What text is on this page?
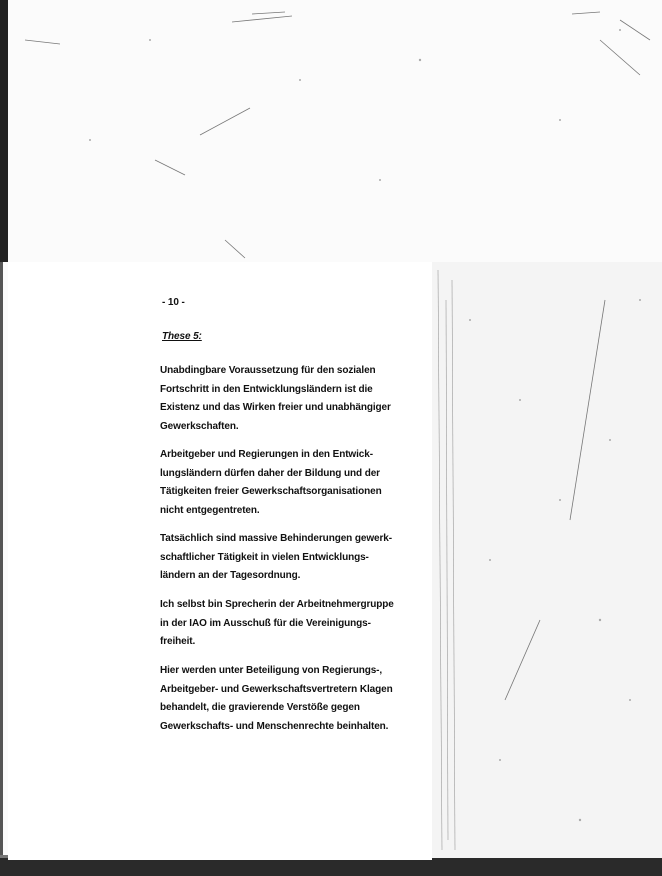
- 10 -
These 5:
Unabdingbare Voraussetzung für den sozialen
Fortschritt in den Entwicklungsländern ist die
Existenz und das Wirken freier und unabhängiger
Gewerkschaften.
Arbeitgeber und Regierungen in den Entwick-
lungsländern dürfen daher der Bildung und der
Tätigkeiten freier Gewerkschaftsorganisationen
nicht entgegentreten.
Tatsächlich sind massive Behinderungen gewerk-
schaftlicher Tätigkeit in vielen Entwicklungs-
ländern an der Tagesordnung.
Ich selbst bin Sprecherin der Arbeitnehmergruppe
in der IAO im Ausschuß für die Vereinigungs-
freiheit.
Hier werden unter Beteiligung von Regierungs-,
Arbeitgeber- und Gewerkschaftsvertretern Klagen
behandelt, die gravierende Verstöße gegen
Gewerkschafts- und Menschenrechte beinhalten.
